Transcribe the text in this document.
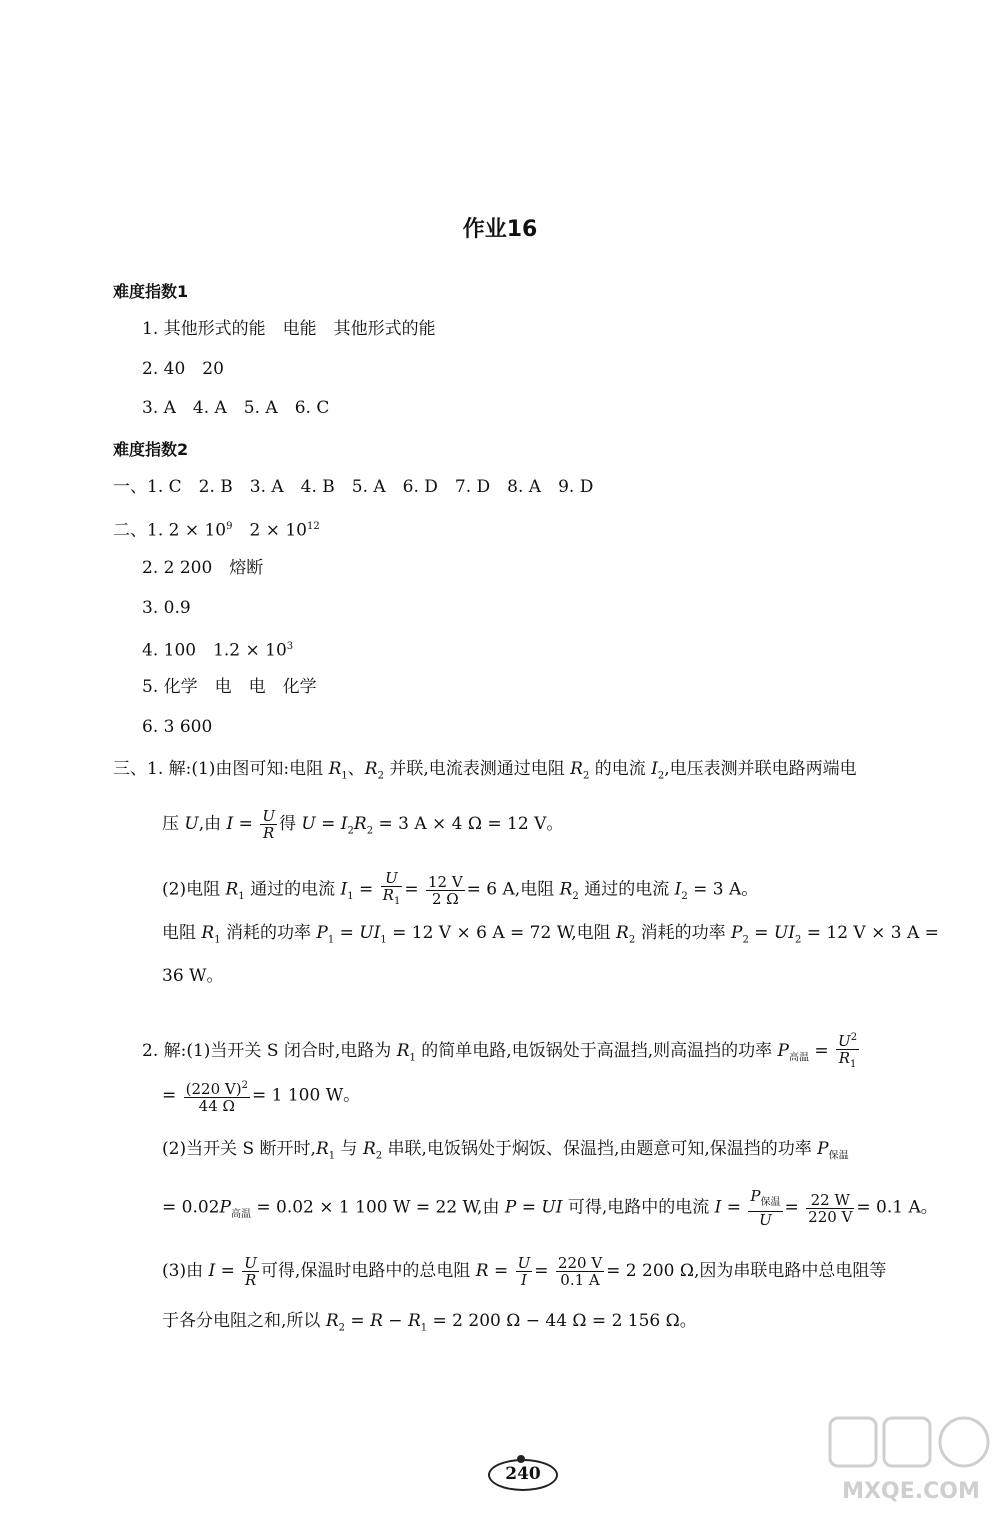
作业16
难度指数1
1. 其他形式的能　电能　其他形式的能
2. 40　20
3. A　4. A　5. A　6. C
难度指数2
一、1. C　2. B　3. A　4. B　5. A　6. D　7. D　8. A　9. D
二、1. $2 \times 10^9$　$2 \times 10^{12}$
2. 2 200　熔断
3. 0.9
4. 100　$1.2 \times 10^3$
5. 化学　电　电　化学
6. 3 600
三、1. 解:(1)由图可知:电阻 $R_1$、$R_2$ 并联,电流表测通过电阻 $R_2$ 的电流 $I_2$,电压表测并联电路两端电
压 U,由 $I = \frac{U}{R}$ 得 $U = I_2R_2 = 3$ A × 4 Ω = 12 V。
(2)电阻 $R_1$ 通过的电流 $I_1 = \frac{U}{R_1} = \frac{12 V}{2 \Omega} = 6$ A,电阻 $R_2$ 通过的电流 $I_2 = 3$ A。
电阻 $R_1$ 消耗的功率 $P_1 = UI_1 = 12$ V × 6 A = 72 W,电阻 $R_2$ 消耗的功率 $P_2 = UI_2 = 12$ V × 3 A =
36 W。
2. 解:(1)当开关 S 闭合时,电路为 $R_1$ 的简单电路,电饭锅处于高温挡,则高温挡的功率 $P_{高温} = \frac{U^2}{R_1}$
= $\frac{(220 V)^2}{44 \Omega} = 1$ 100 W。
(2)当开关 S 断开时$,R_1$ 与 $R_2$ 串联,电饭锅处于焖饭、保温挡,由题意可知,保温挡的功率 $P_{保温}$
= $0.02P_{高温} = 0.02 \times 1$ 100 W = 22 W,由 P = UI 可得,电路中的电流 $I = \frac{P_{保温}}{U} = \frac{22 W}{220 V} = 0.1$ A。
(3)由 $I = \frac{U}{R}$ 可得,保温时电路中的总电阻 $R = \frac{U}{I} = \frac{220 V}{0.1 A} = 2$ 200 Ω,因为串联电路中总电阻等
于各分电阻之和,所以 $R_2 = R - R_1 = 2$ 200 Ω − 44 Ω = 2 156 Ω。
240
MXQE.COM
